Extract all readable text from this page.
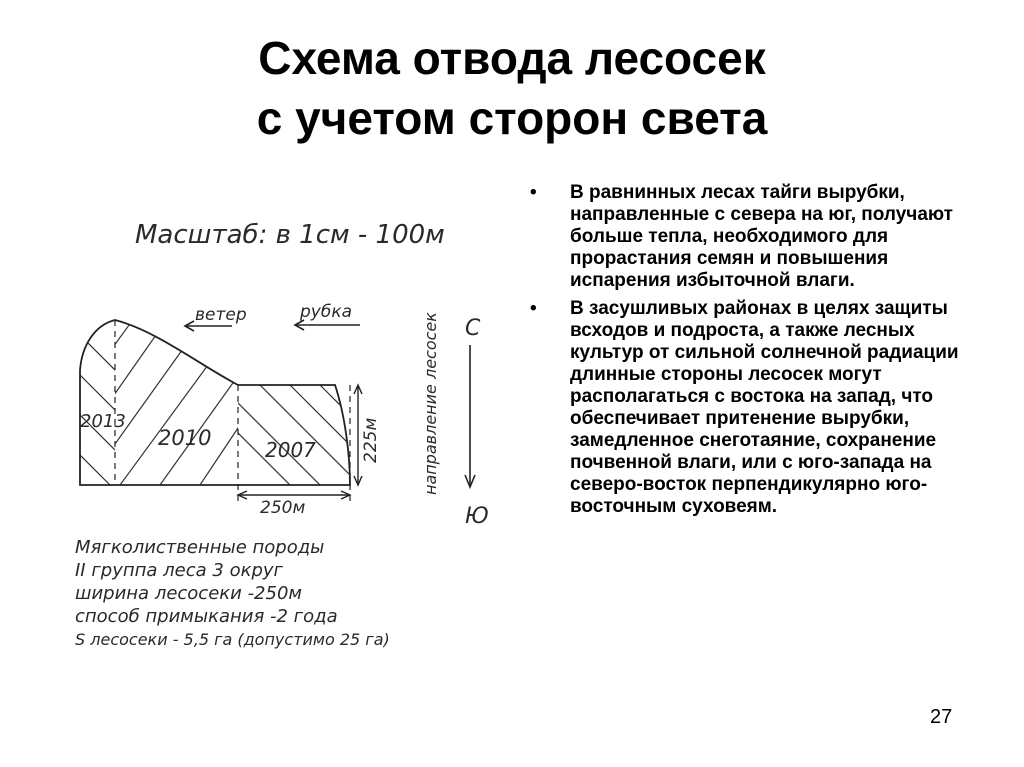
Схема отвода лесосек
с учетом сторон света
Масштаб: в 1см - 100м
ветер	рубка
направление лесосек С
Ю
2013
2010	2007	225м
250м
Мягколиственные породы
II группа леса 3 округ
ширина лесосеки -250м
способ примыкания -2 года
S лесосеки - 5,5 га (допустимо 25 га)
• В равнинных лесах тайги вырубки, направленные с севера на юг, получают больше тепла, необходимого для прорастания семян и повышения испарения избыточной влаги.
• В засушливых районах в целях защиты всходов и подроста, а также лесных культур от сильной солнечной радиации длинные стороны лесосек могут располагаться с востока на запад, что обеспечивает притенение вырубки, замедленное снеготаяние, сохранение почвенной влаги, или с юго-запада на северо-восток перпендикулярно юго-восточным суховеям.
27
